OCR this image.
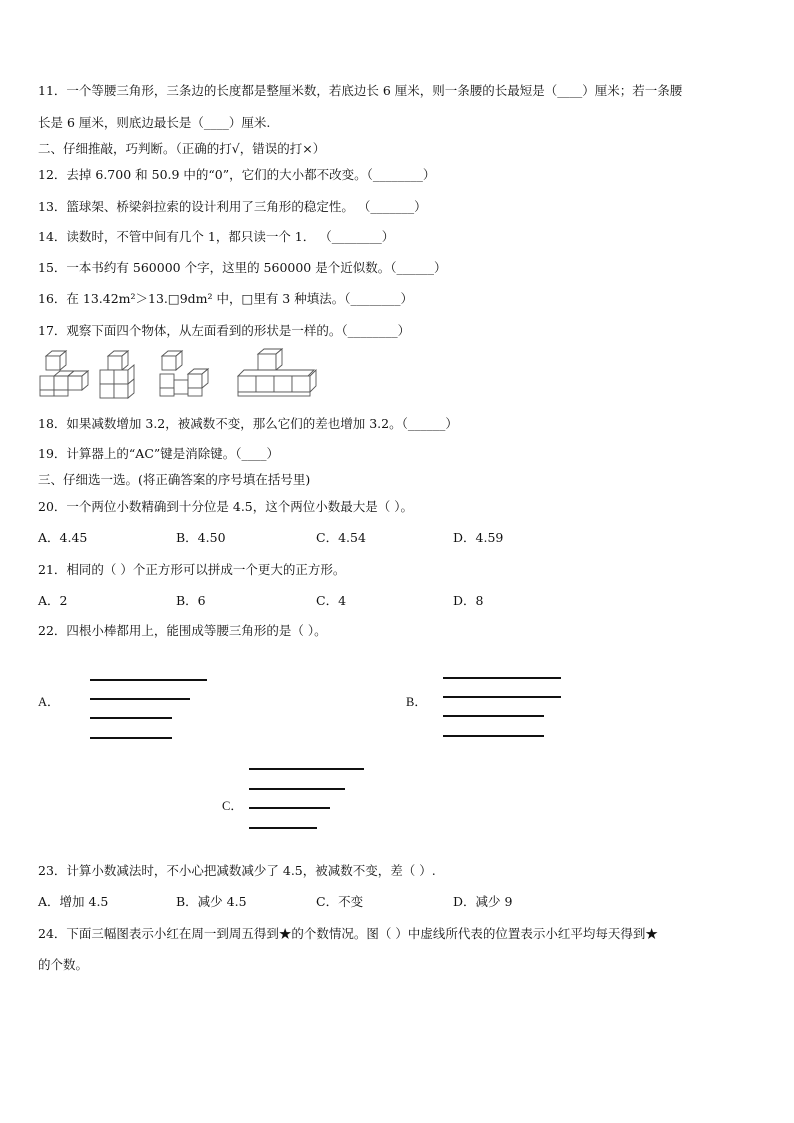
11．一个等腰三角形，三条边的长度都是整厘米数，若底边长 6 厘米，则一条腰的长最短是（____）厘米；若一条腰
长是 6 厘米，则底边最长是（____）厘米.
二、仔细推敲，巧判断。（正确的打√，错误的打×）
12．去掉 6.700 和 50.9 中的“0”，它们的大小都不改变。（________）
13．篮球架、桥梁斜拉索的设计利用了三角形的稳定性。 （_______）
14．读数时，不管中间有几个 1，都只读一个 1． （________）
15．一本书约有 560000 个字，这里的 560000 是个近似数。（______）
16．在 13.42m²＞13.□9dm² 中，□里有 3 种填法。（________）
17．观察下面四个物体，从左面看到的形状是一样的。（________）
18．如果减数增加 3.2，被减数不变，那么它们的差也增加 3.2。（______）
19．计算器上的“AC”键是消除键。（____）
三、仔细选一选。(将正确答案的序号填在括号里)
20．一个两位小数精确到十分位是 4.5，这个两位小数最大是（ ）。
A．4.45	B．4.50	C．4.54	D．4.59
21．相同的（ ）个正方形可以拼成一个更大的正方形。
A．2	B．6	C．4	D．8
22．四根小棒都用上，能围成等腰三角形的是（ ）。
A．	B．
C．
23．计算小数减法时，不小心把减数减少了 4.5，被减数不变，差（ ）.
A．增加 4.5	B．减少 4.5	C．不变	D．减少 9
24．下面三幅图表示小红在周一到周五得到★的个数情况。图（ ）中虚线所代表的位置表示小红平均每天得到★
的个数。
